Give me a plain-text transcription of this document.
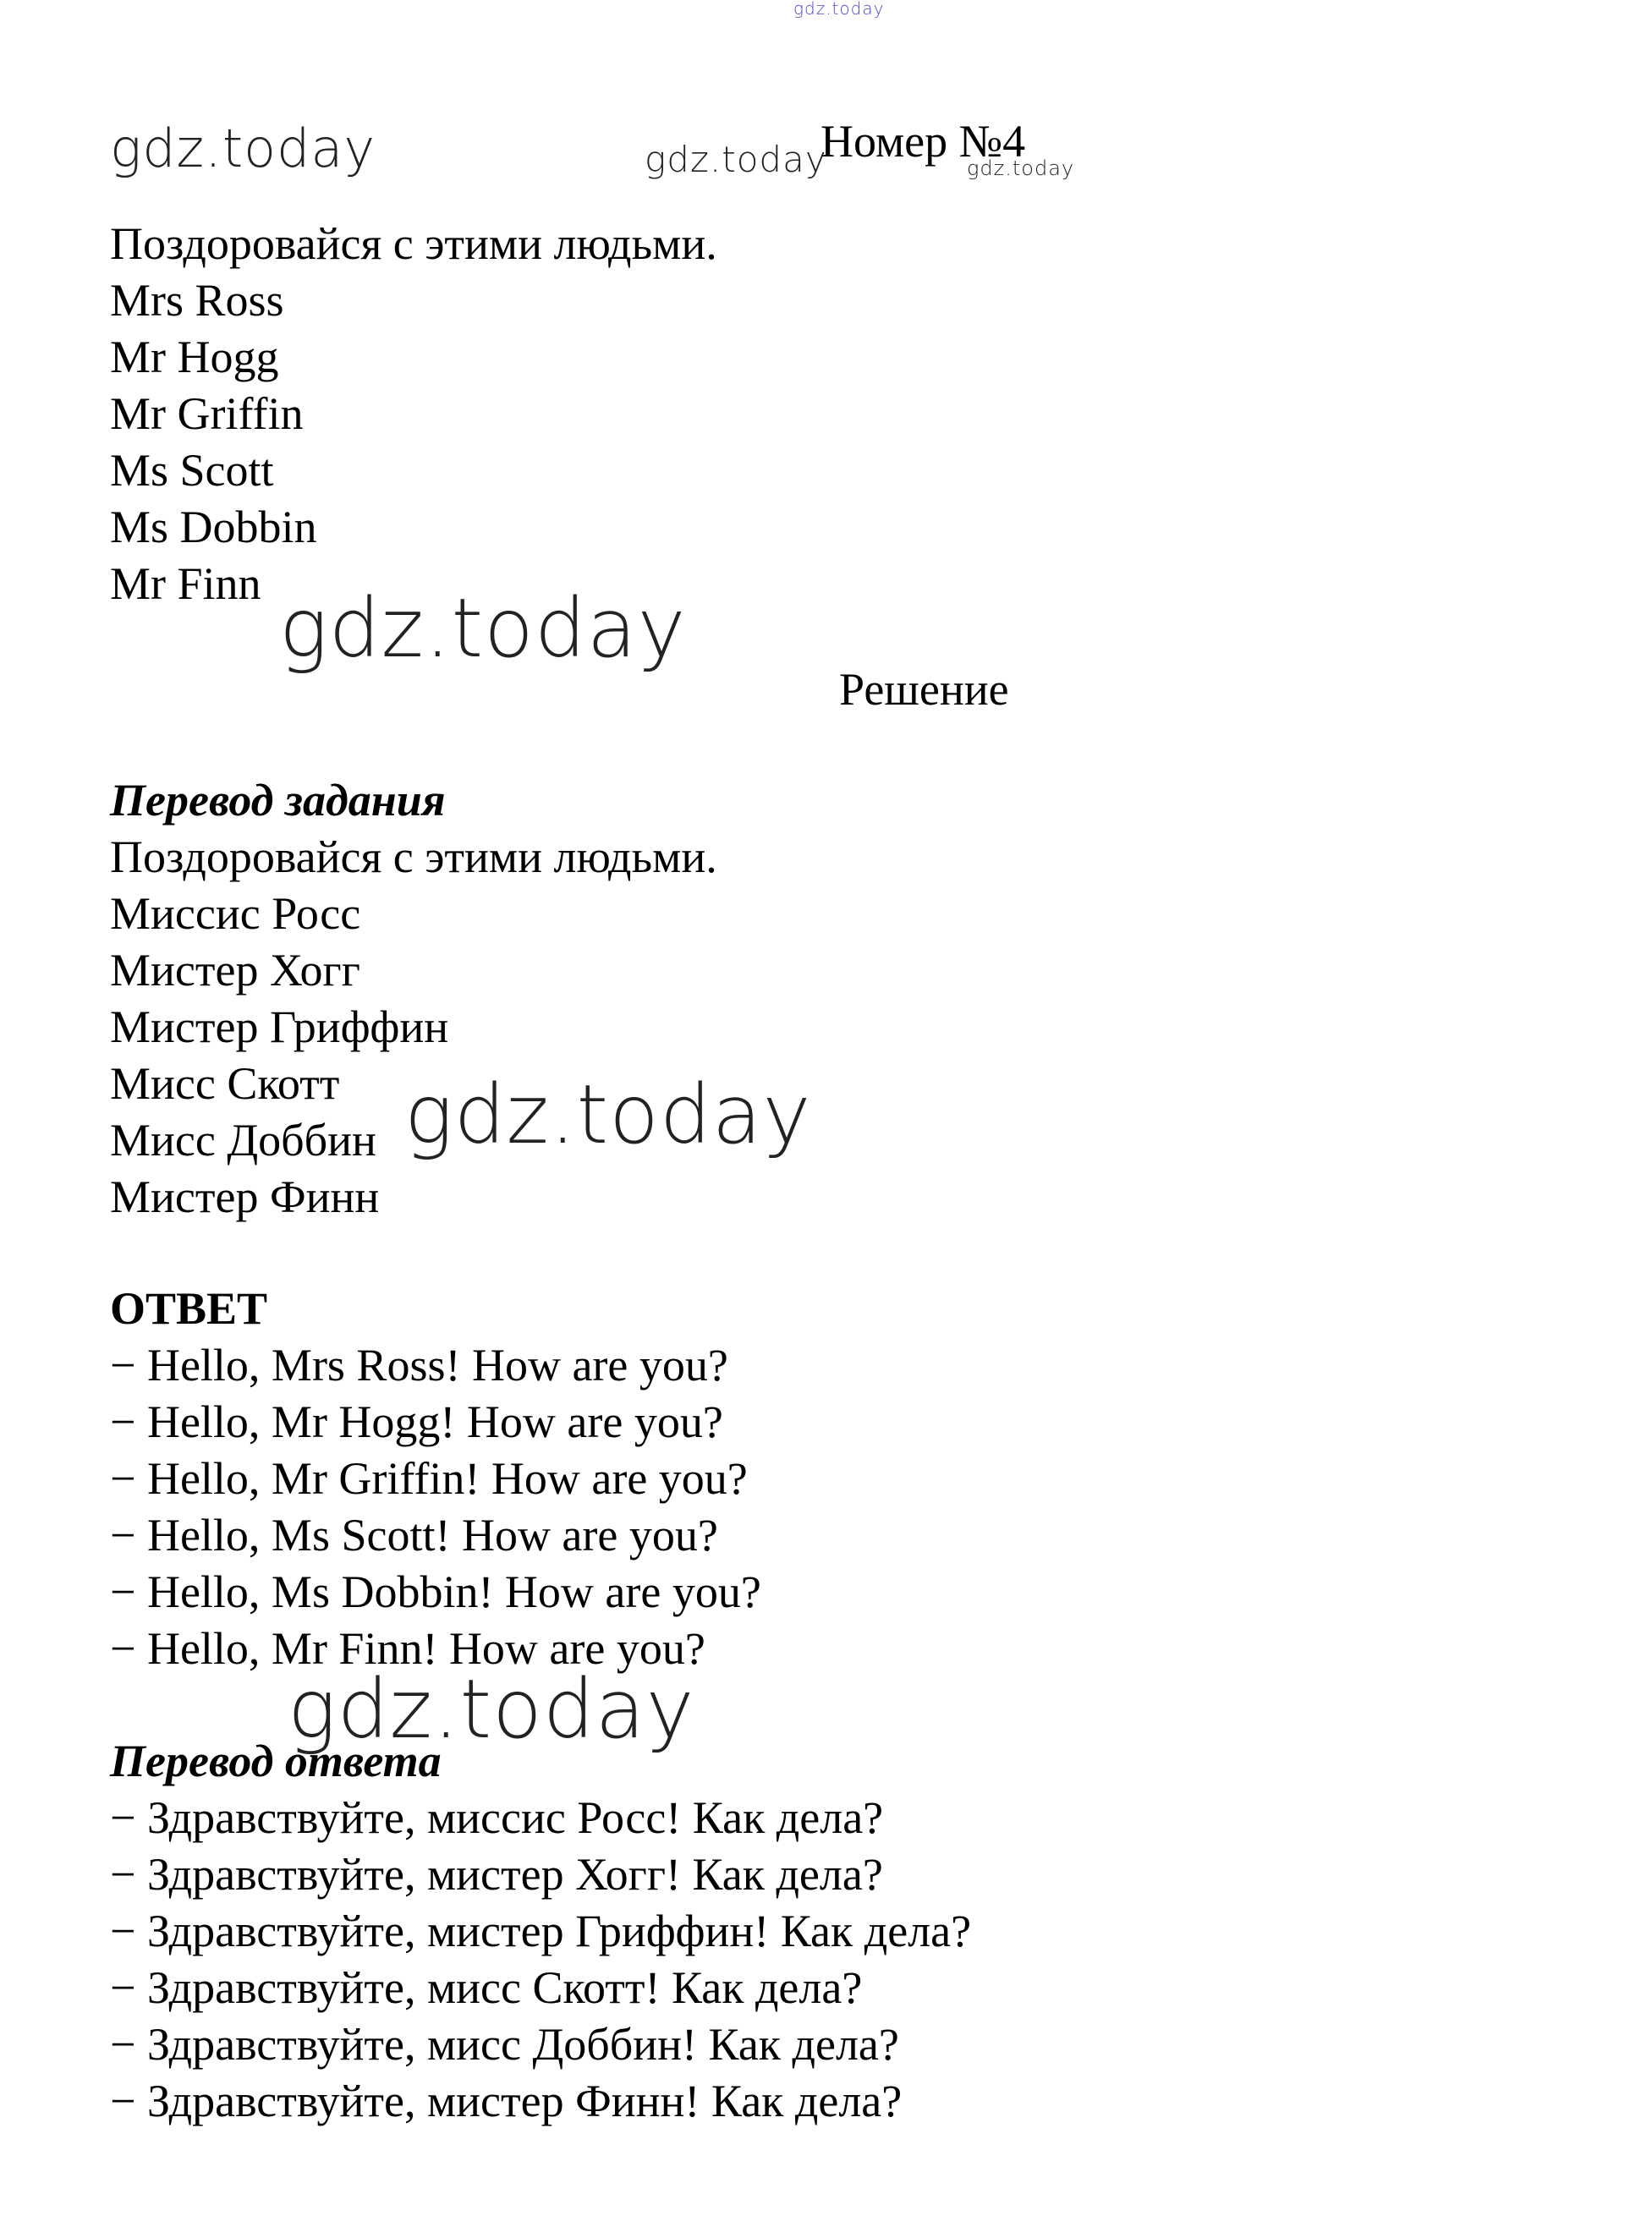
gdz.today
gdz.today	gdz.today	gdz.today
Номер №4
Поздоровайся с этими людьми.
Mrs Ross
Mr Hogg
Mr Griffin
Ms Scott
Ms Dobbin
Mr Finn gdz.today
Решение
Перевод задания
Поздоровайся с этими людьми.
Миссис Росс
Мистер Хогг
Мистер Гриффин
Мисс Скотт
Мисс Доббин
Мистер Финн
gdz.today
ОТВЕТ
− Hello, Mrs Ross! How are you?
− Hello, Mr Hogg! How are you?
− Hello, Mr Griffin! How are you?
− Hello, Ms Scott! How are you?
− Hello, Ms Dobbin! How are you?
− Hello, Mr Finn! How are you?
gdz.today
Перевод ответа
− Здравствуйте, миссис Росс! Как дела?
− Здравствуйте, мистер Хогг! Как дела?
− Здравствуйте, мистер Гриффин! Как дела?
− Здравствуйте, мисс Скотт! Как дела?
− Здравствуйте, мисс Доббин! Как дела?
− Здравствуйте, мистер Финн! Как дела?
